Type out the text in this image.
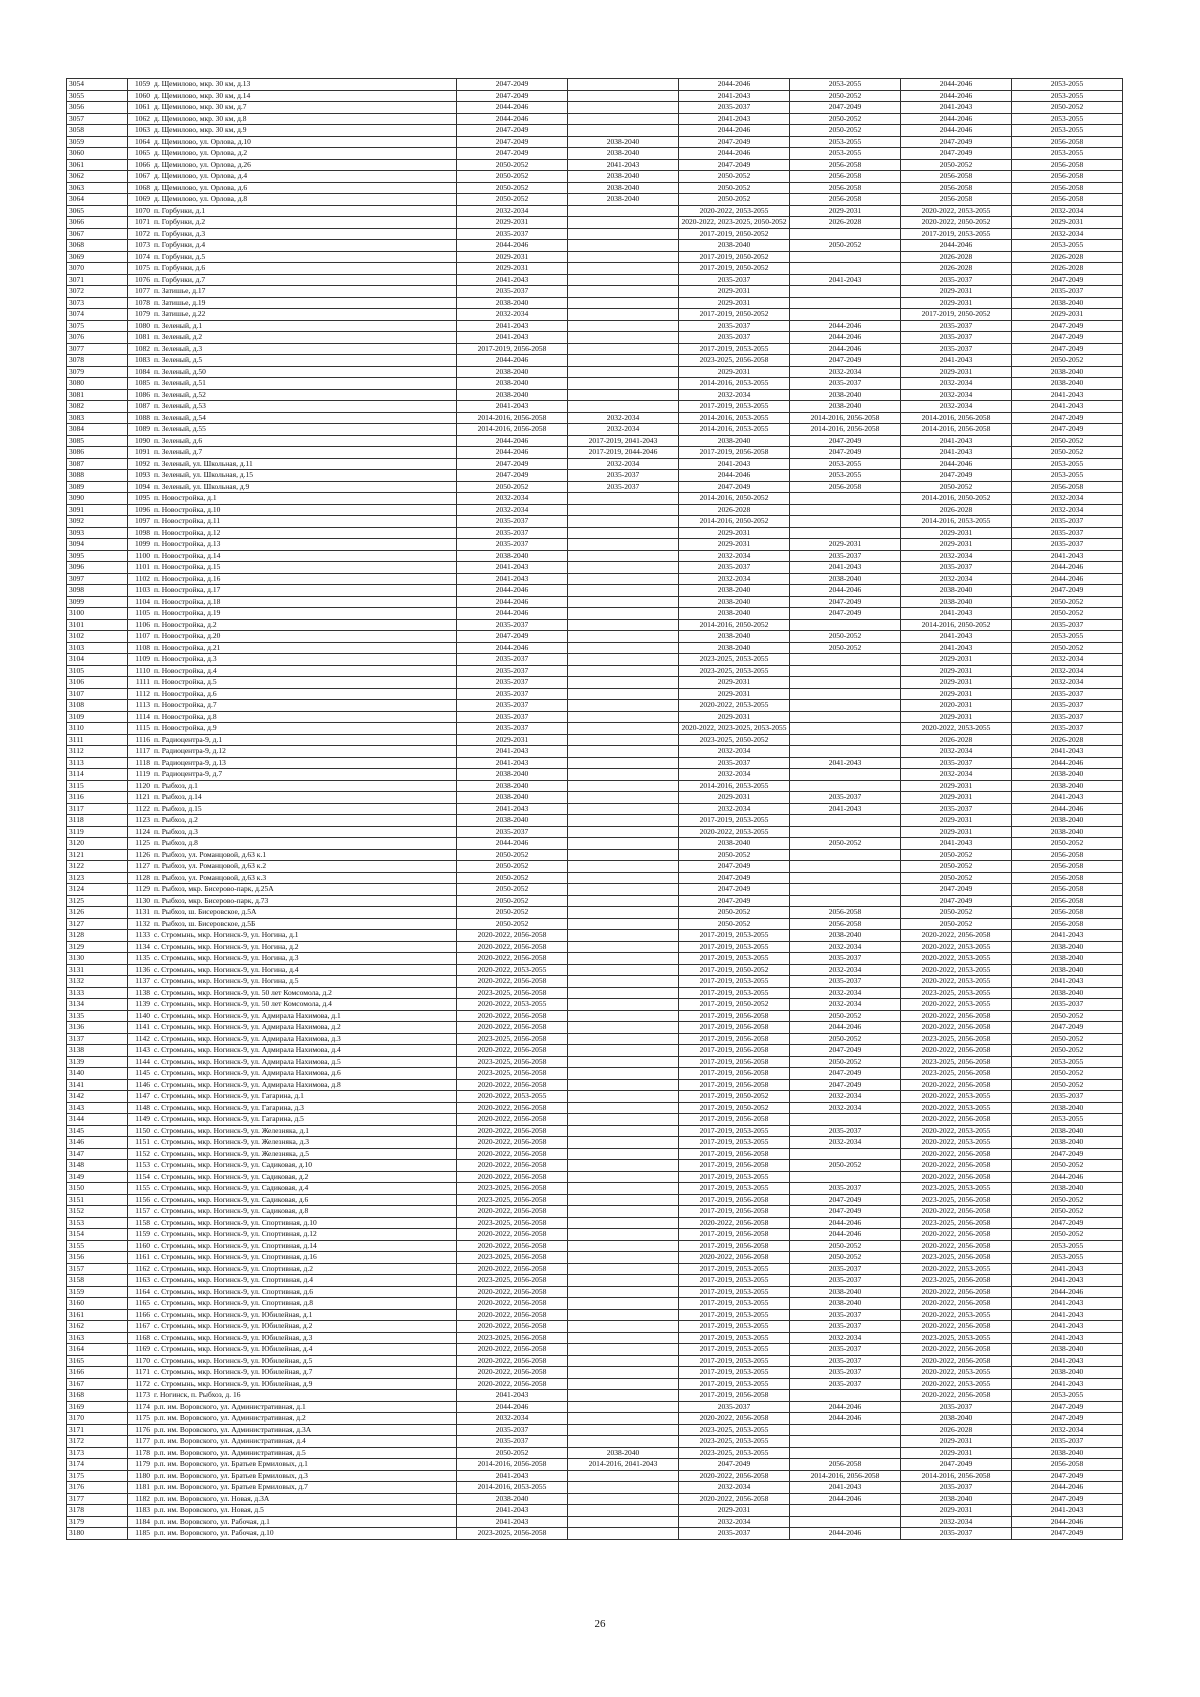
3054	1059	д. Щемилово, мкр. 30 км, д.13	2047-2049		2044-2046	2053-2055	2044-2046	2053-2055
3055	1060	д. Щемилово, мкр. 30 км, д.14	2047-2049		2041-2043	2050-2052	2044-2046	2053-2055
3056	1061	д. Щемилово, мкр. 30 км, д.7	2044-2046		2035-2037	2047-2049	2041-2043	2050-2052
3057	1062	д. Щемилово, мкр. 30 км, д.8	2044-2046		2041-2043	2050-2052	2044-2046	2053-2055
3058	1063	д. Щемилово, мкр. 30 км, д.9	2047-2049		2044-2046	2050-2052	2044-2046	2053-2055
3059	1064	д. Щемилово, ул. Орлова, д.10	2047-2049	2038-2040	2047-2049	2053-2055	2047-2049	2056-2058
3060	1065	д. Щемилово, ул. Орлова, д.2	2047-2049	2038-2040	2044-2046	2053-2055	2047-2049	2053-2055
3061	1066	д. Щемилово, ул. Орлова, д.26	2050-2052	2041-2043	2047-2049	2056-2058	2050-2052	2056-2058
3062	1067	д. Щемилово, ул. Орлова, д.4	2050-2052	2038-2040	2050-2052	2056-2058	2056-2058	2056-2058
3063	1068	д. Щемилово, ул. Орлова, д.6	2050-2052	2038-2040	2050-2052	2056-2058	2056-2058	2056-2058
3064	1069	д. Щемилово, ул. Орлова, д.8	2050-2052	2038-2040	2050-2052	2056-2058	2056-2058	2056-2058
3065	1070	п. Горбунки, д.1	2032-2034		2020-2022, 2053-2055	2029-2031	2020-2022, 2053-2055	2032-2034
3066	1071	п. Горбунки, д.2	2029-2031		2020-2022, 2023-2025, 2050-2052	2026-2028	2020-2022, 2050-2052	2029-2031
3067	1072	п. Горбунки, д.3	2035-2037		2017-2019, 2050-2052		2017-2019, 2053-2055	2032-2034
3068	1073	п. Горбунки, д.4	2044-2046		2038-2040	2050-2052	2044-2046	2053-2055
3069	1074	п. Горбунки, д.5	2029-2031		2017-2019, 2050-2052		2026-2028	2026-2028
3070	1075	п. Горбунки, д.6	2029-2031		2017-2019, 2050-2052		2026-2028	2026-2028
3071	1076	п. Горбунки, д.7	2041-2043		2035-2037	2041-2043	2035-2037	2047-2049
3072	1077	п. Затишье, д.17	2035-2037		2029-2031		2029-2031	2035-2037
3073	1078	п. Затишье, д.19	2038-2040		2029-2031		2029-2031	2038-2040
3074	1079	п. Затишье, д.22	2032-2034		2017-2019, 2050-2052		2017-2019, 2050-2052	2029-2031
3075	1080	п. Зеленый, д.1	2041-2043		2035-2037	2044-2046	2035-2037	2047-2049
3076	1081	п. Зеленый, д.2	2041-2043		2035-2037	2044-2046	2035-2037	2047-2049
3077	1082	п. Зеленый, д.3	2017-2019, 2056-2058		2017-2019, 2053-2055	2044-2046	2035-2037	2047-2049
3078	1083	п. Зеленый, д.5	2044-2046		2023-2025, 2056-2058	2047-2049	2041-2043	2050-2052
3079	1084	п. Зеленый, д.50	2038-2040		2029-2031	2032-2034	2029-2031	2038-2040
3080	1085	п. Зеленый, д.51	2038-2040		2014-2016, 2053-2055	2035-2037	2032-2034	2038-2040
3081	1086	п. Зеленый, д.52	2038-2040		2032-2034	2038-2040	2032-2034	2041-2043
3082	1087	п. Зеленый, д.53	2041-2043		2017-2019, 2053-2055	2038-2040	2032-2034	2041-2043
3083	1088	п. Зеленый, д.54	2014-2016, 2056-2058	2032-2034	2014-2016, 2053-2055	2014-2016, 2056-2058	2014-2016, 2056-2058	2047-2049
3084	1089	п. Зеленый, д.55	2014-2016, 2056-2058	2032-2034	2014-2016, 2053-2055	2014-2016, 2056-2058	2014-2016, 2056-2058	2047-2049
3085	1090	п. Зеленый, д.6	2044-2046	2017-2019, 2041-2043	2038-2040	2047-2049	2041-2043	2050-2052
3086	1091	п. Зеленый, д.7	2044-2046	2017-2019, 2044-2046	2017-2019, 2056-2058	2047-2049	2041-2043	2050-2052
3087	1092	п. Зеленый, ул. Школьная, д.11	2047-2049	2032-2034	2041-2043	2053-2055	2044-2046	2053-2055
3088	1093	п. Зеленый, ул. Школьная, д.15	2047-2049	2035-2037	2044-2046	2053-2055	2047-2049	2053-2055
3089	1094	п. Зеленый, ул. Школьная, д.9	2050-2052	2035-2037	2047-2049	2056-2058	2050-2052	2056-2058
3090	1095	п. Новостройка, д.1	2032-2034		2014-2016, 2050-2052		2014-2016, 2050-2052	2032-2034
3091	1096	п. Новостройка, д.10	2032-2034		2026-2028		2026-2028	2032-2034
3092	1097	п. Новостройка, д.11	2035-2037		2014-2016, 2050-2052		2014-2016, 2053-2055	2035-2037
3093	1098	п. Новостройка, д.12	2035-2037		2029-2031		2029-2031	2035-2037
3094	1099	п. Новостройка, д.13	2035-2037		2029-2031	2029-2031	2029-2031	2035-2037
3095	1100	п. Новостройка, д.14	2038-2040		2032-2034	2035-2037	2032-2034	2041-2043
3096	1101	п. Новостройка, д.15	2041-2043		2035-2037	2041-2043	2035-2037	2044-2046
3097	1102	п. Новостройка, д.16	2041-2043		2032-2034	2038-2040	2032-2034	2044-2046
3098	1103	п. Новостройка, д.17	2044-2046		2038-2040	2044-2046	2038-2040	2047-2049
3099	1104	п. Новостройка, д.18	2044-2046		2038-2040	2047-2049	2038-2040	2050-2052
3100	1105	п. Новостройка, д.19	2044-2046		2038-2040	2047-2049	2041-2043	2050-2052
3101	1106	п. Новостройка, д.2	2035-2037		2014-2016, 2050-2052		2014-2016, 2050-2052	2035-2037
3102	1107	п. Новостройка, д.20	2047-2049		2038-2040	2050-2052	2041-2043	2053-2055
3103	1108	п. Новостройка, д.21	2044-2046		2038-2040	2050-2052	2041-2043	2050-2052
3104	1109	п. Новостройка, д.3	2035-2037		2023-2025, 2053-2055		2029-2031	2032-2034
3105	1110	п. Новостройка, д.4	2035-2037		2023-2025, 2053-2055		2029-2031	2032-2034
3106	1111	п. Новостройка, д.5	2035-2037		2029-2031		2029-2031	2032-2034
3107	1112	п. Новостройка, д.6	2035-2037		2029-2031		2029-2031	2035-2037
3108	1113	п. Новостройка, д.7	2035-2037		2020-2022, 2053-2055		2020-2031	2035-2037
3109	1114	п. Новостройка, д.8	2035-2037		2029-2031		2029-2031	2035-2037
3110	1115	п. Новостройка, д.9	2035-2037		2020-2022, 2023-2025, 2053-2055		2020-2022, 2053-2055	2035-2037
3111	1116	п. Радиоцентра-9, д.1	2029-2031		2023-2025, 2050-2052		2026-2028	2026-2028
3112	1117	п. Радиоцентра-9, д.12	2041-2043		2032-2034		2032-2034	2041-2043
3113	1118	п. Радиоцентра-9, д.13	2041-2043		2035-2037	2041-2043	2035-2037	2044-2046
3114	1119	п. Радиоцентра-9, д.7	2038-2040		2032-2034		2032-2034	2038-2040
3115	1120	п. Рыбхоз, д.1	2038-2040		2014-2016, 2053-2055		2029-2031	2038-2040
3116	1121	п. Рыбхоз, д.14	2038-2040		2029-2031	2035-2037	2029-2031	2041-2043
3117	1122	п. Рыбхоз, д.15	2041-2043		2032-2034	2041-2043	2035-2037	2044-2046
3118	1123	п. Рыбхоз, д.2	2038-2040		2017-2019, 2053-2055		2029-2031	2038-2040
3119	1124	п. Рыбхоз, д.3	2035-2037		2020-2022, 2053-2055		2029-2031	2038-2040
3120	1125	п. Рыбхоз, д.8	2044-2046		2038-2040	2050-2052	2041-2043	2050-2052
3121	1126	п. Рыбхоз, ул. Романцовой, д.63 к.1	2050-2052		2050-2052		2050-2052	2056-2058
3122	1127	п. Рыбхоз, ул. Романцовой, д.63 к.2	2050-2052		2047-2049		2050-2052	2056-2058
3123	1128	п. Рыбхоз, ул. Романцовой, д.63 к.3	2050-2052		2047-2049		2050-2052	2056-2058
3124	1129	п. Рыбхоз, мкр. Бисерово-парк, д.25А	2050-2052		2047-2049		2047-2049	2056-2058
3125	1130	п. Рыбхоз, мкр. Бисерово-парк, д.73	2050-2052		2047-2049		2047-2049	2056-2058
3126	1131	п. Рыбхоз, ш. Бисеровское, д.5А	2050-2052		2050-2052	2056-2058	2050-2052	2056-2058
3127	1132	п. Рыбхоз, ш. Бисеровское, д.5Б	2050-2052		2050-2052	2056-2058	2050-2052	2056-2058
3128	1133	с. Стромынь, мкр. Ногинск-9, ул. Ногина, д.1	2020-2022, 2056-2058		2017-2019, 2053-2055	2038-2040	2020-2022, 2056-2058	2041-2043
3129	1134	с. Стромынь, мкр. Ногинск-9, ул. Ногина, д.2	2020-2022, 2056-2058		2017-2019, 2053-2055	2032-2034	2020-2022, 2053-2055	2038-2040
3130	1135	с. Стромынь, мкр. Ногинск-9, ул. Ногина, д.3	2020-2022, 2056-2058		2017-2019, 2053-2055	2035-2037	2020-2022, 2053-2055	2038-2040
3131	1136	с. Стромынь, мкр. Ногинск-9, ул. Ногина, д.4	2020-2022, 2053-2055		2017-2019, 2050-2052	2032-2034	2020-2022, 2053-2055	2038-2040
3132	1137	с. Стромынь, мкр. Ногинск-9, ул. Ногина, д.5	2020-2022, 2056-2058		2017-2019, 2053-2055	2035-2037	2020-2022, 2053-2055	2041-2043
3133	1138	с. Стромынь, мкр. Ногинск-9, ул. 50 лет Комсомола, д.2	2023-2025, 2056-2058		2017-2019, 2053-2055	2032-2034	2023-2025, 2053-2055	2038-2040
3134	1139	с. Стромынь, мкр. Ногинск-9, ул. 50 лет Комсомола, д.4	2020-2022, 2053-2055		2017-2019, 2050-2052	2032-2034	2020-2022, 2053-2055	2035-2037
3135	1140	с. Стромынь, мкр. Ногинск-9, ул. Адмирала Нахимова, д.1	2020-2022, 2056-2058		2017-2019, 2056-2058	2050-2052	2020-2022, 2056-2058	2050-2052
3136	1141	с. Стромынь, мкр. Ногинск-9, ул. Адмирала Нахимова, д.2	2020-2022, 2056-2058		2017-2019, 2056-2058	2044-2046	2020-2022, 2056-2058	2047-2049
3137	1142	с. Стромынь, мкр. Ногинск-9, ул. Адмирала Нахимова, д.3	2023-2025, 2056-2058		2017-2019, 2056-2058	2050-2052	2023-2025, 2056-2058	2050-2052
3138	1143	с. Стромынь, мкр. Ногинск-9, ул. Адмирала Нахимова, д.4	2020-2022, 2056-2058		2017-2019, 2056-2058	2047-2049	2020-2022, 2056-2058	2050-2052
3139	1144	с. Стромынь, мкр. Ногинск-9, ул. Адмирала Нахимова, д.5	2023-2025, 2056-2058		2017-2019, 2056-2058	2050-2052	2023-2025, 2056-2058	2053-2055
3140	1145	с. Стромынь, мкр. Ногинск-9, ул. Адмирала Нахимова, д.6	2023-2025, 2056-2058		2017-2019, 2056-2058	2047-2049	2023-2025, 2056-2058	2050-2052
3141	1146	с. Стромынь, мкр. Ногинск-9, ул. Адмирала Нахимова, д.8	2020-2022, 2056-2058		2017-2019, 2056-2058	2047-2049	2020-2022, 2056-2058	2050-2052
3142	1147	с. Стромынь, мкр. Ногинск-9, ул. Гагарина, д.1	2020-2022, 2053-2055		2017-2019, 2050-2052	2032-2034	2020-2022, 2053-2055	2035-2037
3143	1148	с. Стромынь, мкр. Ногинск-9, ул. Гагарина, д.3	2020-2022, 2056-2058		2017-2019, 2050-2052	2032-2034	2020-2022, 2053-2055	2038-2040
3144	1149	с. Стромынь, мкр. Ногинск-9, ул. Гагарина, д.5	2020-2022, 2056-2058		2017-2019, 2056-2058		2020-2022, 2056-2058	2053-2055
3145	1150	с. Стромынь, мкр. Ногинск-9, ул. Железняка, д.1	2020-2022, 2056-2058		2017-2019, 2053-2055	2035-2037	2020-2022, 2053-2055	2038-2040
3146	1151	с. Стромынь, мкр. Ногинск-9, ул. Железняка, д.3	2020-2022, 2056-2058		2017-2019, 2053-2055	2032-2034	2020-2022, 2053-2055	2038-2040
3147	1152	с. Стромынь, мкр. Ногинск-9, ул. Железняка, д.5	2020-2022, 2056-2058		2017-2019, 2056-2058		2020-2022, 2056-2058	2047-2049
3148	1153	с. Стромынь, мкр. Ногинск-9, ул. Садиковая, д.10	2020-2022, 2056-2058		2017-2019, 2056-2058	2050-2052	2020-2022, 2056-2058	2050-2052
3149	1154	с. Стромынь, мкр. Ногинск-9, ул. Садиковая, д.2	2020-2022, 2056-2058		2017-2019, 2053-2055		2020-2022, 2056-2058	2044-2046
3150	1155	с. Стромынь, мкр. Ногинск-9, ул. Садиковая, д.4	2023-2025, 2056-2058		2017-2019, 2053-2055	2035-2037	2023-2025, 2053-2055	2038-2040
3151	1156	с. Стромынь, мкр. Ногинск-9, ул. Садиковая, д.6	2023-2025, 2056-2058		2017-2019, 2056-2058	2047-2049	2023-2025, 2056-2058	2050-2052
3152	1157	с. Стромынь, мкр. Ногинск-9, ул. Садиковая, д.8	2020-2022, 2056-2058		2017-2019, 2056-2058	2047-2049	2020-2022, 2056-2058	2050-2052
3153	1158	с. Стромынь, мкр. Ногинск-9, ул. Спортивная, д.10	2023-2025, 2056-2058		2020-2022, 2056-2058	2044-2046	2023-2025, 2056-2058	2047-2049
3154	1159	с. Стромынь, мкр. Ногинск-9, ул. Спортивная, д.12	2020-2022, 2056-2058		2017-2019, 2056-2058	2044-2046	2020-2022, 2056-2058	2050-2052
3155	1160	с. Стромынь, мкр. Ногинск-9, ул. Спортивная, д.14	2020-2022, 2056-2058		2017-2019, 2056-2058	2050-2052	2020-2022, 2056-2058	2053-2055
3156	1161	с. Стромынь, мкр. Ногинск-9, ул. Спортивная, д.16	2023-2025, 2056-2058		2020-2022, 2056-2058	2050-2052	2023-2025, 2056-2058	2053-2055
3157	1162	с. Стромынь, мкр. Ногинск-9, ул. Спортивная, д.2	2020-2022, 2056-2058		2017-2019, 2053-2055	2035-2037	2020-2022, 2053-2055	2041-2043
3158	1163	с. Стромынь, мкр. Ногинск-9, ул. Спортивная, д.4	2023-2025, 2056-2058		2017-2019, 2053-2055	2035-2037	2023-2025, 2056-2058	2041-2043
3159	1164	с. Стромынь, мкр. Ногинск-9, ул. Спортивная, д.6	2020-2022, 2056-2058		2017-2019, 2053-2055	2038-2040	2020-2022, 2056-2058	2044-2046
3160	1165	с. Стромынь, мкр. Ногинск-9, ул. Спортивная, д.8	2020-2022, 2056-2058		2017-2019, 2053-2055	2038-2040	2020-2022, 2056-2058	2041-2043
3161	1166	с. Стромынь, мкр. Ногинск-9, ул. Юбилейная, д.1	2020-2022, 2056-2058		2017-2019, 2053-2055	2035-2037	2020-2022, 2053-2055	2041-2043
3162	1167	с. Стромынь, мкр. Ногинск-9, ул. Юбилейная, д.2	2020-2022, 2056-2058		2017-2019, 2053-2055	2035-2037	2020-2022, 2056-2058	2041-2043
3163	1168	с. Стромынь, мкр. Ногинск-9, ул. Юбилейная, д.3	2023-2025, 2056-2058		2017-2019, 2053-2055	2032-2034	2023-2025, 2053-2055	2041-2043
3164	1169	с. Стромынь, мкр. Ногинск-9, ул. Юбилейная, д.4	2020-2022, 2056-2058		2017-2019, 2053-2055	2035-2037	2020-2022, 2056-2058	2038-2040
3165	1170	с. Стромынь, мкр. Ногинск-9, ул. Юбилейная, д.5	2020-2022, 2056-2058		2017-2019, 2053-2055	2035-2037	2020-2022, 2056-2058	2041-2043
3166	1171	с. Стромынь, мкр. Ногинск-9, ул. Юбилейная, д.7	2020-2022, 2056-2058		2017-2019, 2053-2055	2035-2037	2020-2022, 2053-2055	2038-2040
3167	1172	с. Стромынь, мкр. Ногинск-9, ул. Юбилейная, д.9	2020-2022, 2056-2058		2017-2019, 2053-2055	2035-2037	2020-2022, 2053-2055	2041-2043
3168	1173	г. Ногинск, п. Рыбхоз, д. 16	2041-2043		2017-2019, 2056-2058		2020-2022, 2056-2058	2053-2055
3169	1174	р.п. им. Воровского, ул. Административная, д.1	2044-2046		2035-2037	2044-2046	2035-2037	2047-2049
3170	1175	р.п. им. Воровского, ул. Административная, д.2	2032-2034		2020-2022, 2056-2058	2044-2046	2038-2040	2047-2049
3171	1176	р.п. им. Воровского, ул. Административная, д.3А	2035-2037		2023-2025, 2053-2055		2026-2028	2032-2034
3172	1177	р.п. им. Воровского, ул. Административная, д.4	2035-2037		2023-2025, 2053-2055		2029-2031	2035-2037
3173	1178	р.п. им. Воровского, ул. Административная, д.5	2050-2052	2038-2040	2023-2025, 2053-2055		2029-2031	2038-2040
3174	1179	р.п. им. Воровского, ул. Братьев Ермиловых, д.1	2014-2016, 2056-2058	2014-2016, 2041-2043	2047-2049	2056-2058	2047-2049	2056-2058
3175	1180	р.п. им. Воровского, ул. Братьев Ермиловых, д.3	2041-2043		2020-2022, 2056-2058	2014-2016, 2056-2058	2014-2016, 2056-2058	2047-2049
3176	1181	р.п. им. Воровского, ул. Братьев Ермиловых, д.7	2014-2016, 2053-2055		2032-2034	2041-2043	2035-2037	2044-2046
3177	1182	р.п. им. Воровского, ул. Новая, д.3А	2038-2040		2020-2022, 2056-2058	2044-2046	2038-2040	2047-2049
3178	1183	р.п. им. Воровского, ул. Новая, д.5	2041-2043		2029-2031		2029-2031	2041-2043
3179	1184	р.п. им. Воровского, ул. Рабочая, д.1	2041-2043		2032-2034		2032-2034	2044-2046
3180	1185	р.п. им. Воровского, ул. Рабочая, д.10	2023-2025, 2056-2058		2035-2037	2044-2046	2035-2037	2047-2049
26
